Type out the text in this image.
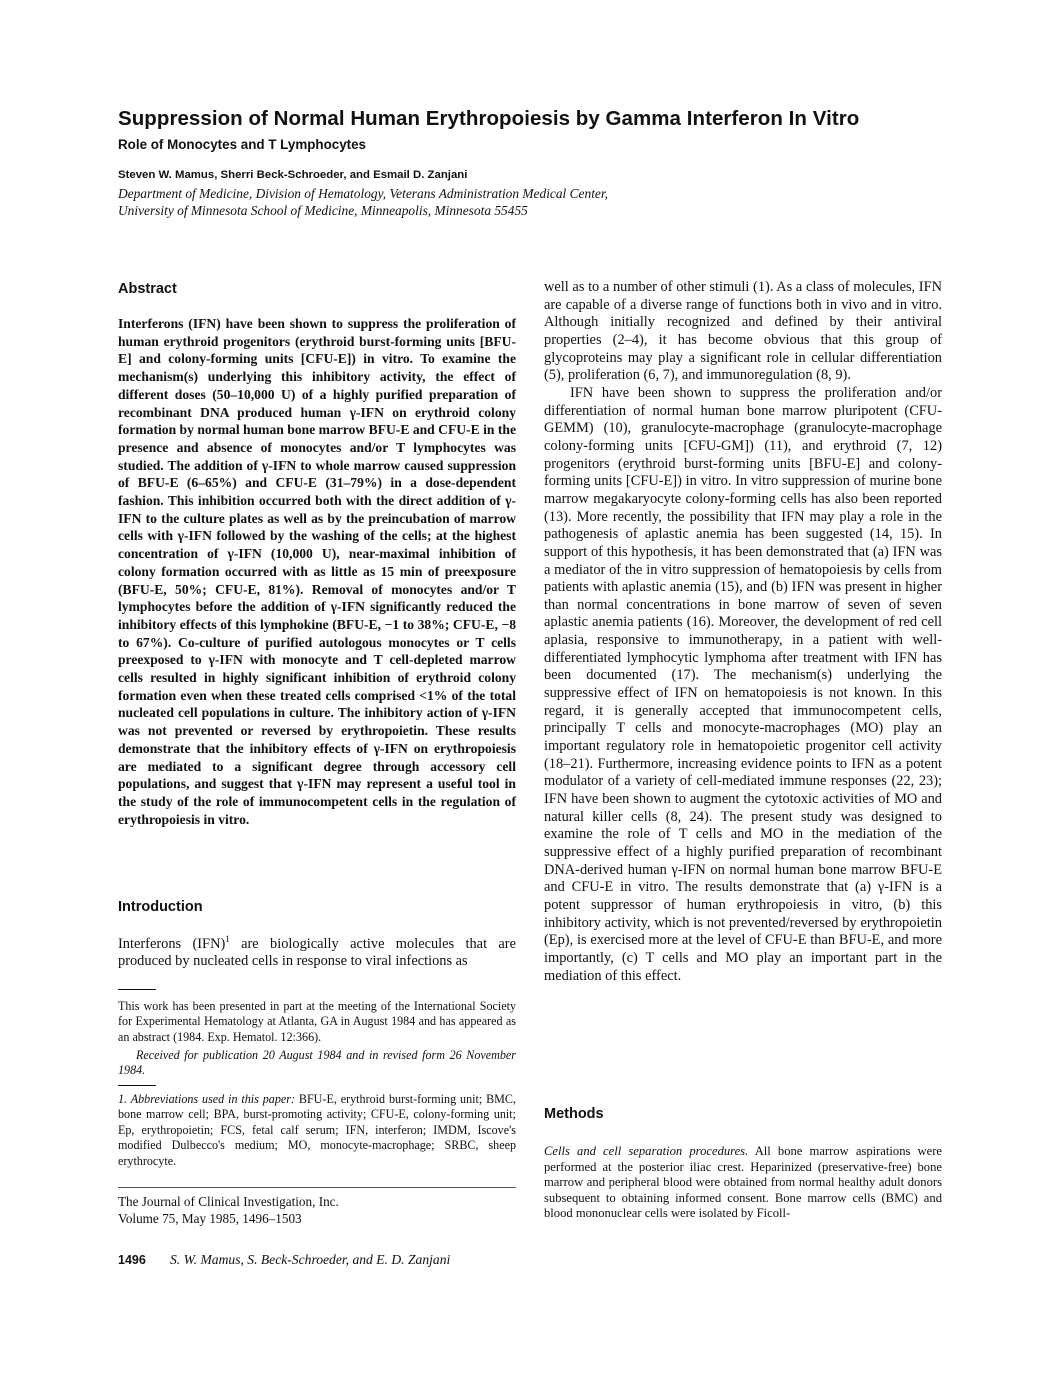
Suppression of Normal Human Erythropoiesis by Gamma Interferon In Vitro
Role of Monocytes and T Lymphocytes
Steven W. Mamus, Sherri Beck-Schroeder, and Esmail D. Zanjani
Department of Medicine, Division of Hematology, Veterans Administration Medical Center,
University of Minnesota School of Medicine, Minneapolis, Minnesota 55455
Abstract
Interferons (IFN) have been shown to suppress the proliferation of human erythroid progenitors (erythroid burst-forming units [BFU-E] and colony-forming units [CFU-E]) in vitro. To examine the mechanism(s) underlying this inhibitory activity, the effect of different doses (50–10,000 U) of a highly purified preparation of recombinant DNA produced human γ-IFN on erythroid colony formation by normal human bone marrow BFU-E and CFU-E in the presence and absence of monocytes and/or T lymphocytes was studied. The addition of γ-IFN to whole marrow caused suppression of BFU-E (6–65%) and CFU-E (31–79%) in a dose-dependent fashion. This inhibition occurred both with the direct addition of γ-IFN to the culture plates as well as by the preincubation of marrow cells with γ-IFN followed by the washing of the cells; at the highest concentration of γ-IFN (10,000 U), near-maximal inhibition of colony formation occurred with as little as 15 min of preexposure (BFU-E, 50%; CFU-E, 81%). Removal of monocytes and/or T lymphocytes before the addition of γ-IFN significantly reduced the inhibitory effects of this lymphokine (BFU-E, −1 to 38%; CFU-E, −8 to 67%). Co-culture of purified autologous monocytes or T cells preexposed to γ-IFN with monocyte and T cell-depleted marrow cells resulted in highly significant inhibition of erythroid colony formation even when these treated cells comprised <1% of the total nucleated cell populations in culture. The inhibitory action of γ-IFN was not prevented or reversed by erythropoietin. These results demonstrate that the inhibitory effects of γ-IFN on erythropoiesis are mediated to a significant degree through accessory cell populations, and suggest that γ-IFN may represent a useful tool in the study of the role of immunocompetent cells in the regulation of erythropoiesis in vitro.
Introduction
Interferons (IFN)$^1$ are biologically active molecules that are produced by nucleated cells in response to viral infections as
This work has been presented in part at the meeting of the International Society for Experimental Hematology at Atlanta, GA in August 1984 and has appeared as an abstract (1984. Exp. Hematol. 12:366).
Received for publication 20 August 1984 and in revised form 26 November 1984.
1. Abbreviations used in this paper: BFU-E, erythroid burst-forming unit; BMC, bone marrow cell; BPA, burst-promoting activity; CFU-E, colony-forming unit; Ep, erythropoietin; FCS, fetal calf serum; IFN, interferon; IMDM, Iscove's modified Dulbecco's medium; MO, monocyte-macrophage; SRBC, sheep erythrocyte.
The Journal of Clinical Investigation, Inc.
Volume 75, May 1985, 1496–1503

well as to a number of other stimuli (1). As a class of molecules, IFN are capable of a diverse range of functions both in vivo and in vitro. Although initially recognized and defined by their antiviral properties (2–4), it has become obvious that this group of glycoproteins may play a significant role in cellular differentiation (5), proliferation (6, 7), and immunoregulation (8, 9).

IFN have been shown to suppress the proliferation and/or differentiation of normal human bone marrow pluripotent (CFU-GEMM) (10), granulocyte-macrophage (granulocyte-macrophage colony-forming units [CFU-GM]) (11), and erythroid (7, 12) progenitors (erythroid burst-forming units [BFU-E] and colony-forming units [CFU-E]) in vitro. In vitro suppression of murine bone marrow megakaryocyte colony-forming cells has also been reported (13). More recently, the possibility that IFN may play a role in the pathogenesis of aplastic anemia has been suggested (14, 15). In support of this hypothesis, it has been demonstrated that (a) IFN was a mediator of the in vitro suppression of hematopoiesis by cells from patients with aplastic anemia (15), and (b) IFN was present in higher than normal concentrations in bone marrow of seven of seven aplastic anemia patients (16). Moreover, the development of red cell aplasia, responsive to immunotherapy, in a patient with well-differentiated lymphocytic lymphoma after treatment with IFN has been documented (17). The mechanism(s) underlying the suppressive effect of IFN on hematopoiesis is not known. In this regard, it is generally accepted that immunocompetent cells, principally T cells and monocyte-macrophages (MO) play an important regulatory role in hematopoietic progenitor cell activity (18–21). Furthermore, increasing evidence points to IFN as a potent modulator of a variety of cell-mediated immune responses (22, 23); IFN have been shown to augment the cytotoxic activities of MO and natural killer cells (8, 24). The present study was designed to examine the role of T cells and MO in the mediation of the suppressive effect of a highly purified preparation of recombinant DNA-derived human γ-IFN on normal human bone marrow BFU-E and CFU-E in vitro. The results demonstrate that (a) γ-IFN is a potent suppressor of human erythropoiesis in vitro, (b) this inhibitory activity, which is not prevented/reversed by erythropoietin (Ep), is exercised more at the level of CFU-E than BFU-E, and more importantly, (c) T cells and MO play an important part in the mediation of this effect.

Methods
Cells and cell separation procedures. All bone marrow aspirations were performed at the posterior iliac crest. Heparinized (preservative-free) bone marrow and peripheral blood were obtained from normal healthy adult donors subsequent to obtaining informed consent. Bone marrow cells (BMC) and blood mononuclear cells were isolated by Ficoll-
1496 S. W. Mamus, S. Beck-Schroeder, and E. D. Zanjani
